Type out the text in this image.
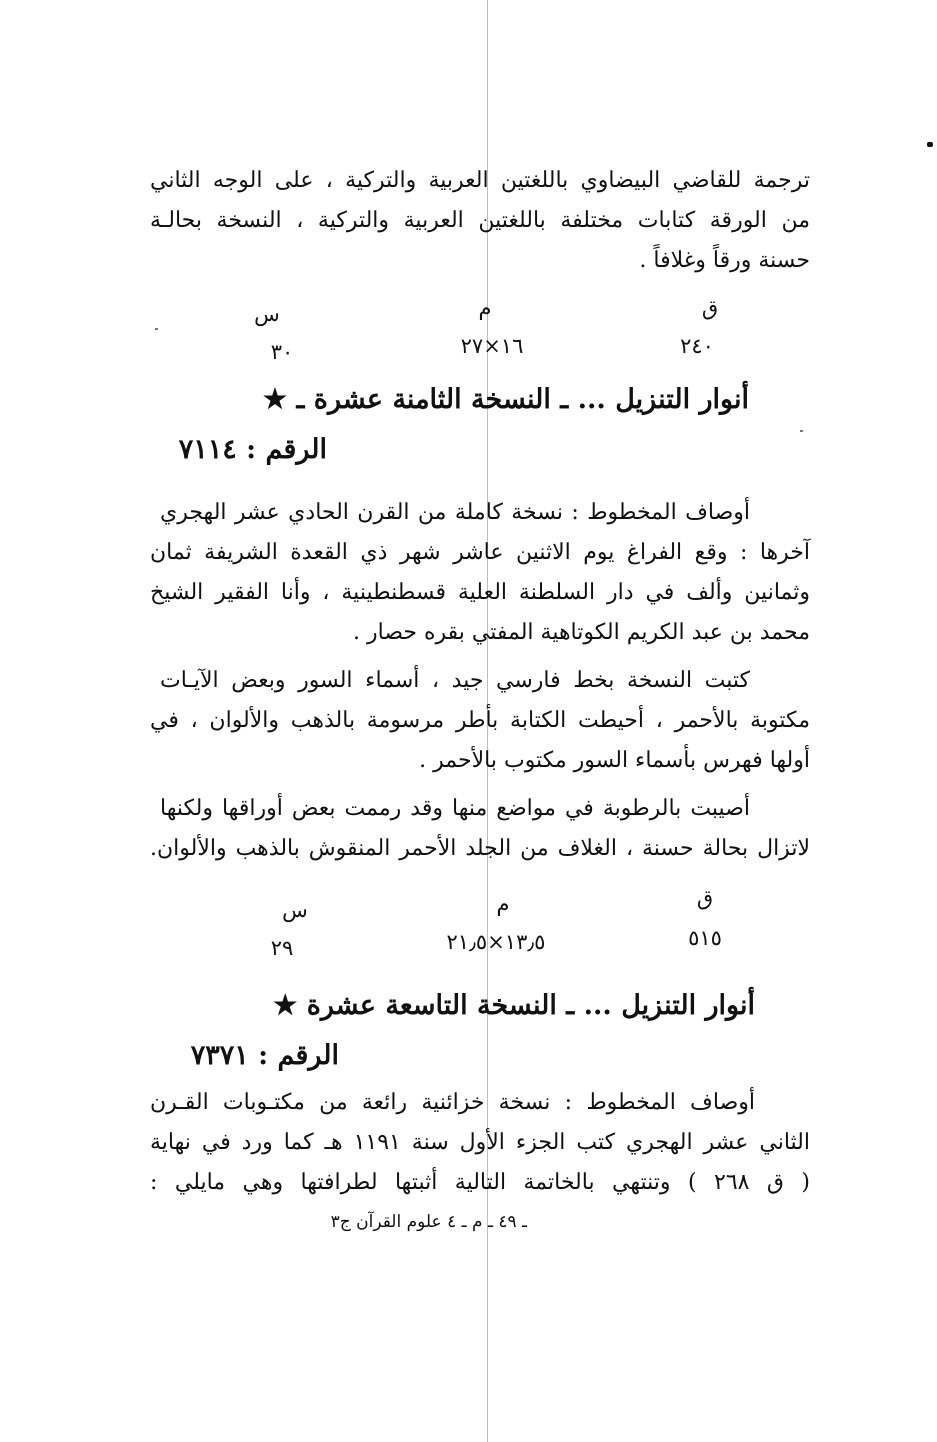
ترجمة للقاضي البيضاوي باللغتين العربية والتركية ، على الوجه الثاني
من الورقة كتابات مختلفة باللغتين العربية والتركية ، النسخة بحالـة
حسنة ورقاً وغلافاً .
ق
٢٤٠
م
١٦×٢٧
س
٣٠
أنوار التنزيل ... ـ النسخة الثامنة عشرة ـ ★
الرقم : ٧١١٤
أوصاف المخطوط : نسخة كاملة من القرن الحادي عشر الهجري
آخرها : وقع الفراغ يوم الاثنين عاشر شهر ذي القعدة الشريفة ثمان
وثمانين وألف في دار السلطنة العلية قسطنطينية ، وأنا الفقير الشيخ
محمد بن عبد الكريم الكوتاهية المفتي بقره حصار .
كتبت النسخة بخط فارسي جيد ، أسماء السور وبعض الآيـات
مكتوبة بالأحمر ، أحيطت الكتابة بأطر مرسومة بالذهب والألوان ، في
أولها فهرس بأسماء السور مكتوب بالأحمر .
أصيبت بالرطوبة في مواضع منها وقد رممت بعض أوراقها ولكنها
لاتزال بحالة حسنة ، الغلاف من الجلد الأحمر المنقوش بالذهب والألوان.
ق
٥١٥
م
١٣٫٥×٢١٫٥
س
٢٩
أنوار التنزيل ... ـ النسخة التاسعة عشرة ★
الرقم : ٧٣٧١
أوصاف المخطوط : نسخة خزائنية رائعة من مكتـوبات القـرن
الثاني عشر الهجري كتب الجزء الأول سنة ١١٩١ هـ كما ورد في نهاية
( ق ٢٦٨ ) وتنتهي بالخاتمة التالية أثبتها لطرافتها وهي مايلي :
ـ ٤٩ ـ م ـ ٤ علوم القرآن ج٣
